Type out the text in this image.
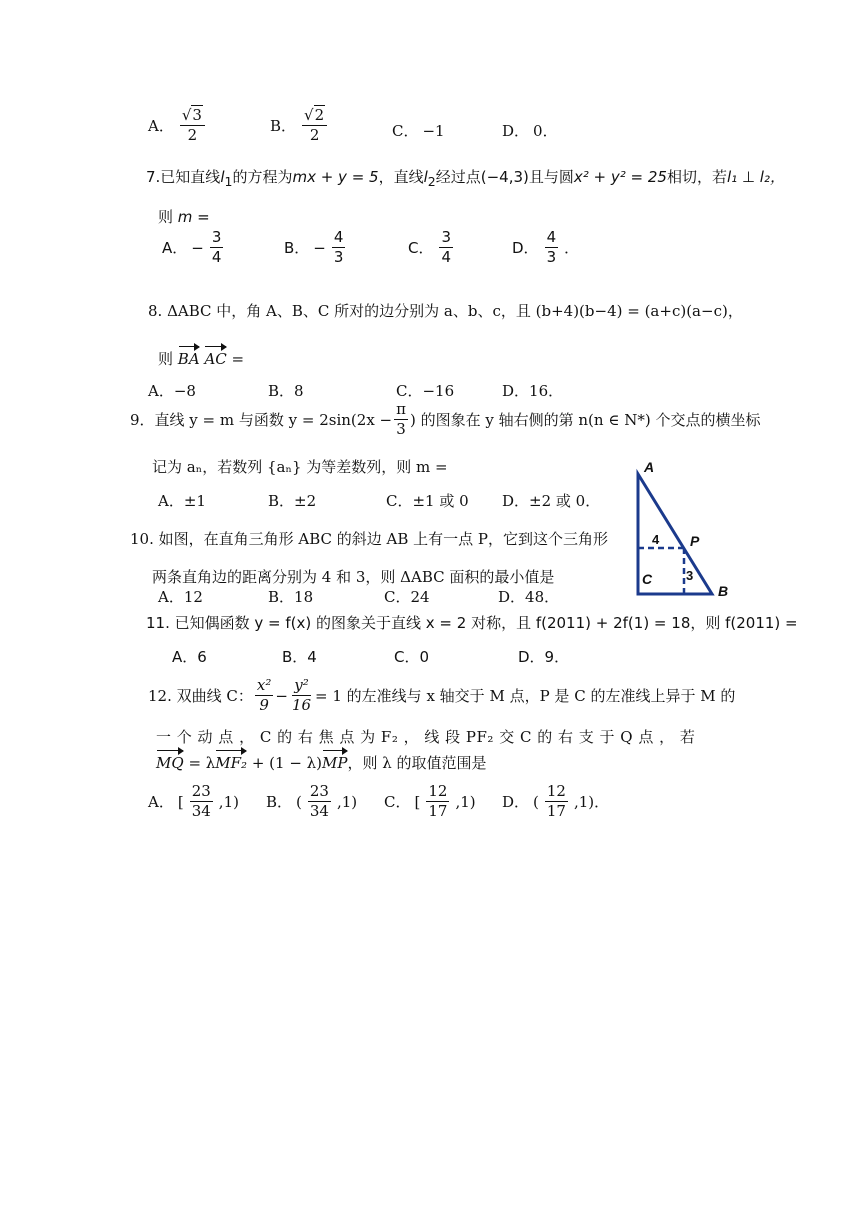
A． $\frac{√3}{2}$	B． $\frac{√2}{2}$	C． −1	D． 0．
7.已知直线$l_1$的方程为mx + y = 5，直线$l_2$经过点(−4,3)且与圆x² + y² = 25相切，若l₁ ⊥ l₂，
则 m =
A． − $\frac{3}{4}$	B． − $\frac{4}{3}$	C． $\frac{3}{4}$	D． $\frac{4}{3}$ ．
8. ΔABC 中，角 A、B、C 所对的边分别为 a、b、c，且 (b+4)(b−4) = (a+c)(a−c)，
则 BA AC =
A．−8	B．8	C．−16	D．16．
9．直线 y = m 与函数 $y = 2\sin(2x - \frac{\pi}{3}$ ) 的图象在 y 轴右侧的第 n(n ∈ N*) 个交点的横坐标
记为 aₙ，若数列 {aₙ} 为等差数列，则 m =
A．±1	B．±2	C．±1 或 0 D．±2 或 0．
10. 如图，在直角三角形 ABC 的斜边 AB 上有一点 P，它到这个三角形
两条直角边的距离分别为 4 和 3，则 ΔABC 面积的最小值是
A．12	B．18	C．24	D．48．
A
B
C
P
4
3
11. 已知偶函数 y = f(x) 的图象关于直线 x = 2 对称，且 f(2011) + 2f(1) = 18，则 f(2011) =
A．6	B．4	C．0	D．9．
12. 双曲线 C： $\frac{\text{x²}}{9} - \frac{\text{y²}}{16} = 1$ 的左准线与 x 轴交于 M 点，P 是 C 的左准线上异于 M 的
一 个 动 点 ， C 的 右 焦 点 为 F₂ ， 线 段 PF₂ 交 C 的 右 支 于 Q 点 ， 若
MQ = λMF₂ + (1 − λ)MP，则 λ 的取值范围是
A． [ $\frac{23}{34} ,1$) B． ( $\frac{23}{34} ,1$) C． [ $\frac{12}{17} ,1$) D． ( $\frac{12}{17} ,1$)．
